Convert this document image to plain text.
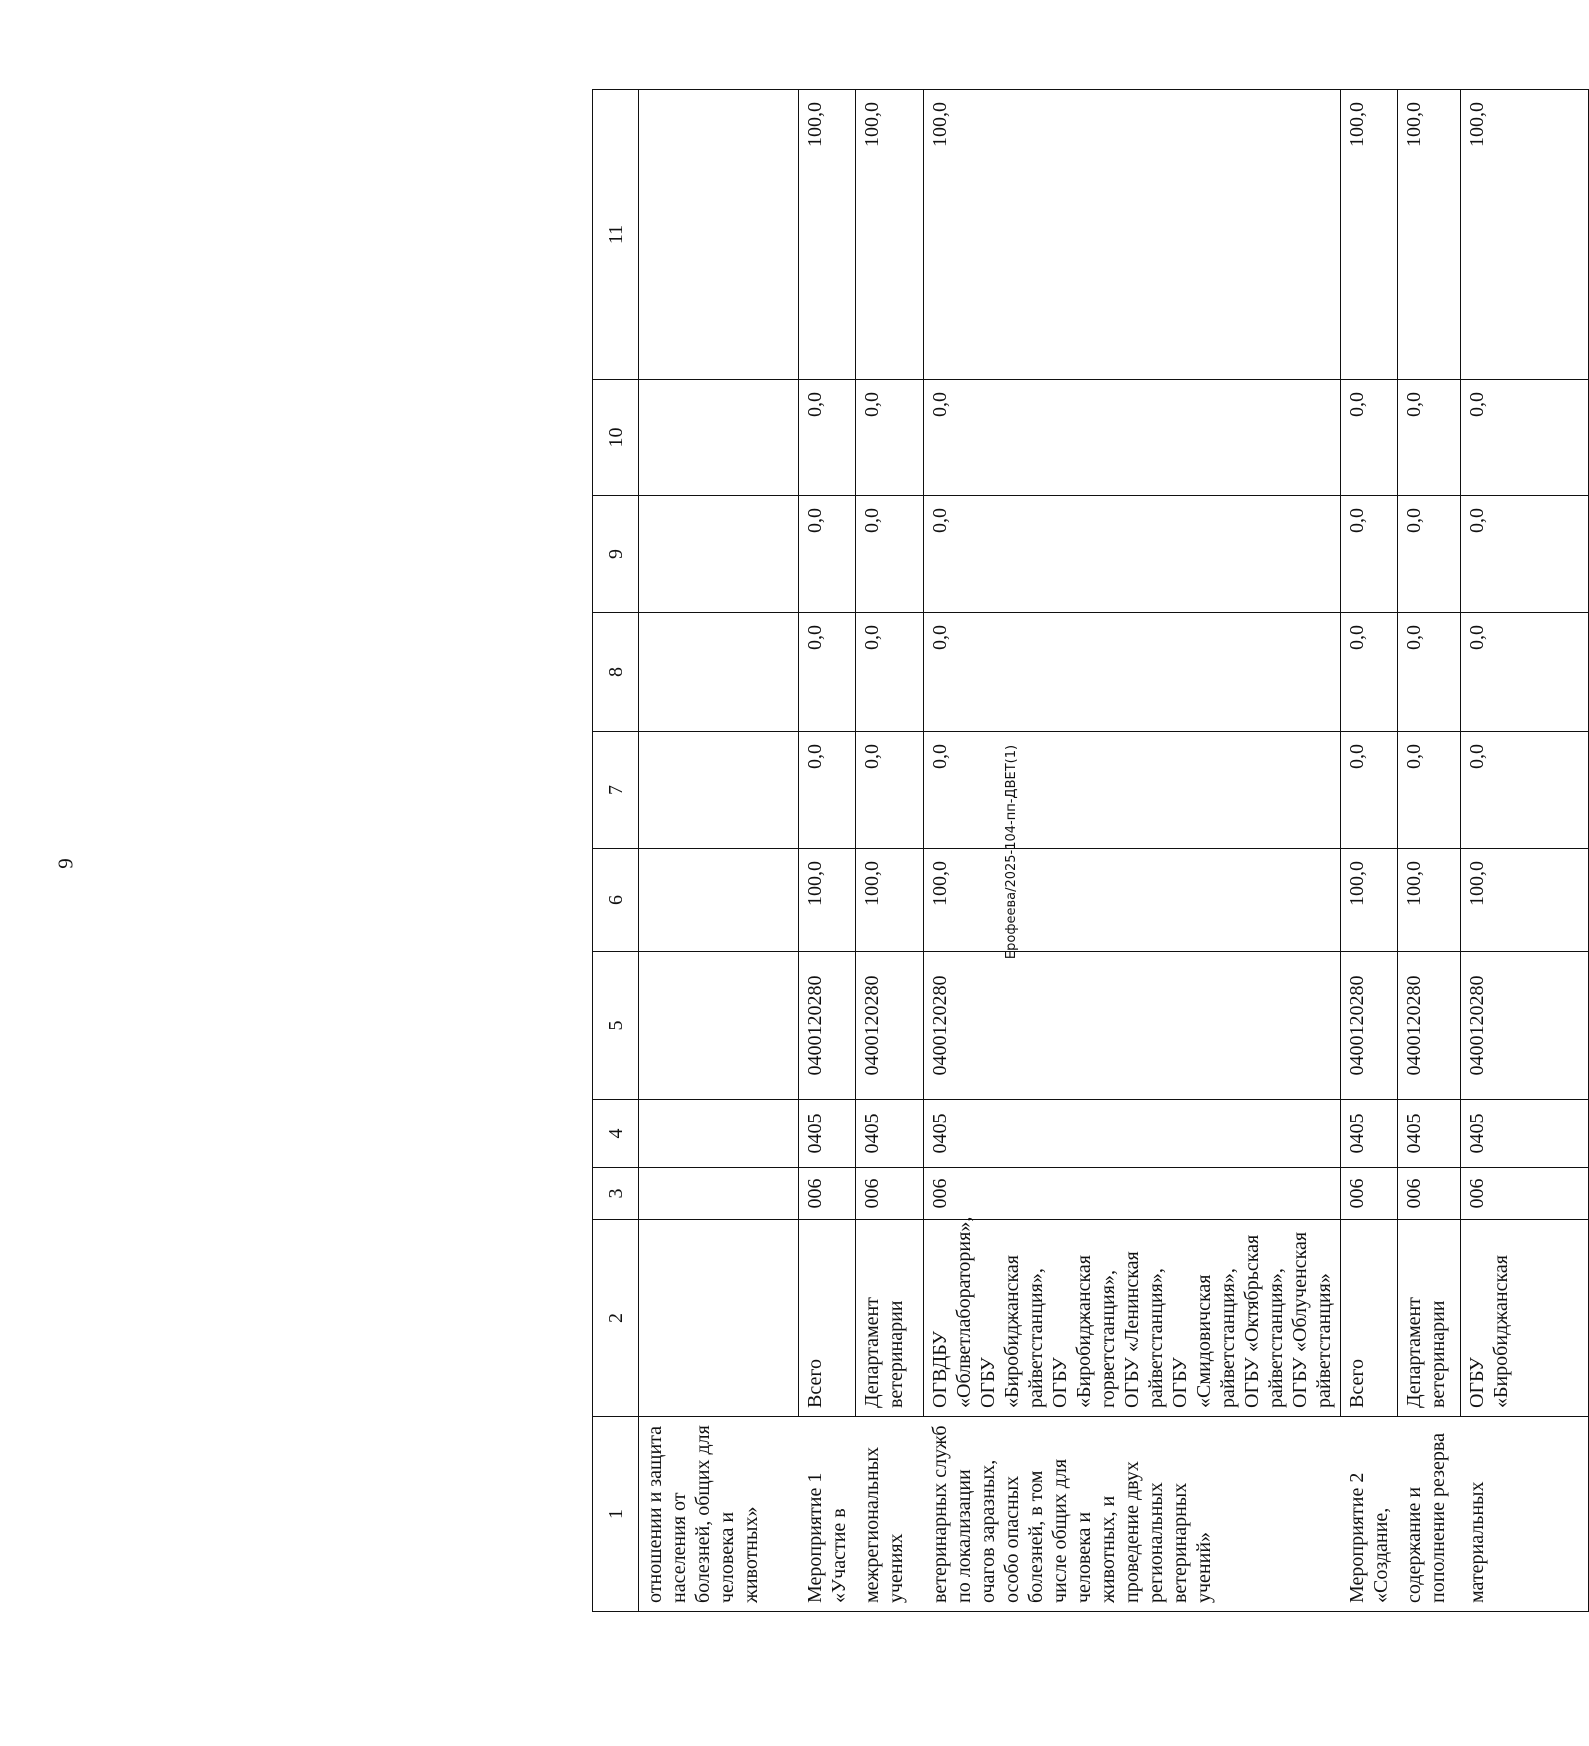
9	Ерофеева/2025-104-пп-ДВЕТ(1)
1	2	3	4	5	6	7	8	9	10	11
отношении и защита населения от болезней, общих для человека и животных»										
Мероприятие 1 «Участие в	Всего	006	0405	0400120280	100,0	0,0	0,0	0,0	0,0	100,0
межрегиональных учениях	Департамент ветеринарии	006	0405	0400120280	100,0	0,0	0,0	0,0	0,0	100,0
ветеринарных служб по локализации очагов заразных, особо опасных болезней, в том числе общих для человека и животных, и проведение двух региональных ветеринарных учений»	ОГВДБУ «Облветлаборатория», ОГБУ «Биробиджанская райветстанция», ОГБУ «Биробиджанская горветстанция», ОГБУ «Ленинская райветстанция», ОГБУ «Смидовичская райветстанция», ОГБУ «Октябрьская райветстанция», ОГБУ «Облученская райветстанция»	006	0405	0400120280	100,0	0,0	0,0	0,0	0,0	100,0
Мероприятие 2 «Создание,	Всего	006	0405	0400120280	100,0	0,0	0,0	0,0	0,0	100,0
содержание и пополнение резерва	Департамент ветеринарии	006	0405	0400120280	100,0	0,0	0,0	0,0	0,0	100,0
материальных	ОГБУ «Биробиджанская	006	0405	0400120280	100,0	0,0	0,0	0,0	0,0	100,0
